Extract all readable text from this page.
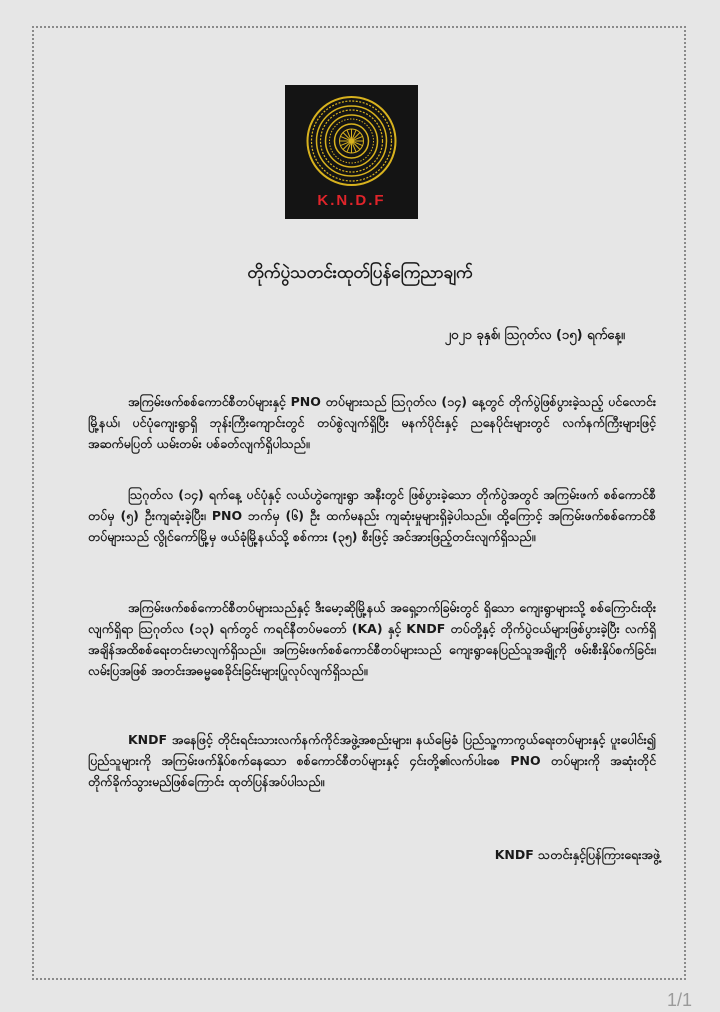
K.N.D.F
တိုက်ပွဲသတင်းထုတ်ပြန်ကြေညာချက်
၂၀၂၁ ခုနှစ်၊ ဩဂုတ်လ (၁၅) ရက်နေ့။

အကြမ်းဖက်စစ်ကောင်စီတပ်များနှင့် PNO တပ်များသည် ဩဂုတ်လ (၁၄) နေ့တွင် တိုက်ပွဲဖြစ်ပွားခဲ့သည့် ပင်လောင်းမြို့နယ်၊ ပင်ပုံကျေးရွာရှိ ဘုန်းကြီးကျောင်းတွင် တပ်စွဲလျက်ရှိပြီး မနက်ပိုင်းနှင့် ညနေပိုင်းများတွင် လက်နက်ကြီးများဖြင့် အဆက်မပြတ် ယမ်းတမ်း ပစ်ခတ်လျက်ရှိပါသည်။

ဩဂုတ်လ (၁၄) ရက်နေ့ ပင်ပုံနှင့် လယ်ဟွဲကျေးရွာ အနီးတွင် ဖြစ်ပွားခဲ့သော တိုက်ပွဲအတွင် အကြမ်းဖက် စစ်ကောင်စီတပ်မှ (၅) ဦးကျဆုံးခဲ့ပြီး၊ PNO ဘက်မှ (၆) ဦး ထက်မနည်း ကျဆုံးမှုများရှိခဲ့ပါသည်။ ထို့ကြောင့် အကြမ်းဖက်စစ်ကောင်စီတပ်များသည် လွိုင်ကော်မြို့မှ ဖယ်ခုံမြို့နယ်သို့ စစ်ကား (၃၅) စီးဖြင့် အင်အားဖြည့်တင်းလျက်ရှိသည်။

အကြမ်းဖက်စစ်ကောင်စီတပ်များသည်နှင့် ဒီးမော့ဆိုမြို့နယ် အရှေ့ဘက်ခြမ်းတွင် ရှိသော ကျေးရွာများသို့ စစ်ကြောင်းထိုးလျက်ရှိရာ ဩဂုတ်လ (၁၃) ရက်တွင် ကရင်နီတပ်မတော် (KA) နှင့် KNDF တပ်တို့နှင့် တိုက်ပွဲငယ်များဖြစ်ပွားခဲ့ပြီး လက်ရှိအချိန်အထိစစ်ရေးတင်းမာလျက်ရှိသည်။ အကြမ်းဖက်စစ်ကောင်စီတပ်များသည် ကျေးရွာနေပြည်သူအချို့ကို ဖမ်းစီးနှိပ်စက်ခြင်း၊ လမ်းပြအဖြစ် အတင်းအဓမ္မစေခိုင်းခြင်းများပြုလုပ်လျက်ရှိသည်။

KNDF အနေဖြင့် တိုင်းရင်းသားလက်နက်ကိုင်အဖွဲ့အစည်းများ၊ နယ်မြေခံ ပြည်သူ့ကာကွယ်ရေးတပ်များနှင့် ပူးပေါင်း၍ ပြည်သူများကို အကြမ်းဖက်နှိပ်စက်နေသော စစ်ကောင်စီတပ်များနှင့် ၄င်းတို့၏လက်ပါးစေ PNO တပ်များကို အဆုံးတိုင် တိုက်ခိုက်သွားမည်ဖြစ်ကြောင်း ထုတ်ပြန်အပ်ပါသည်။

KNDF သတင်းနှင့်ပြန်ကြားရေးအဖွဲ့
1/1
